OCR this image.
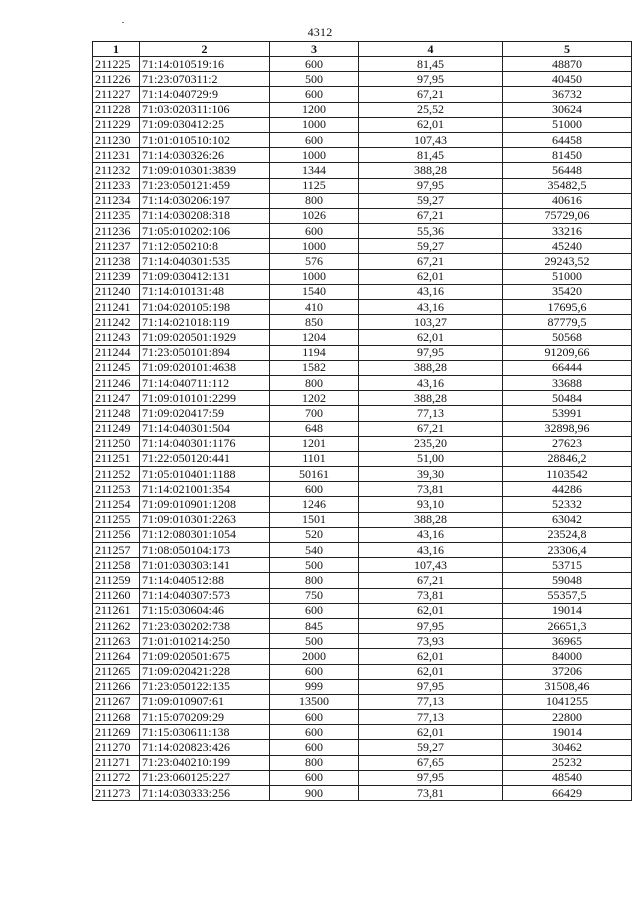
4312
1	2	3	4	5
211225	71:14:010519:16	600	81,45	48870
211226	71:23:070311:2	500	97,95	40450
211227	71:14:040729:9	600	67,21	36732
211228	71:03:020311:106	1200	25,52	30624
211229	71:09:030412:25	1000	62,01	51000
211230	71:01:010510:102	600	107,43	64458
211231	71:14:030326:26	1000	81,45	81450
211232	71:09:010301:3839	1344	388,28	56448
211233	71:23:050121:459	1125	97,95	35482,5
211234	71:14:030206:197	800	59,27	40616
211235	71:14:030208:318	1026	67,21	75729,06
211236	71:05:010202:106	600	55,36	33216
211237	71:12:050210:8	1000	59,27	45240
211238	71:14:040301:535	576	67,21	29243,52
211239	71:09:030412:131	1000	62,01	51000
211240	71:14:010131:48	1540	43,16	35420
211241	71:04:020105:198	410	43,16	17695,6
211242	71:14:021018:119	850	103,27	87779,5
211243	71:09:020501:1929	1204	62,01	50568
211244	71:23:050101:894	1194	97,95	91209,66
211245	71:09:020101:4638	1582	388,28	66444
211246	71:14:040711:112	800	43,16	33688
211247	71:09:010101:2299	1202	388,28	50484
211248	71:09:020417:59	700	77,13	53991
211249	71:14:040301:504	648	67,21	32898,96
211250	71:14:040301:1176	1201	235,20	27623
211251	71:22:050120:441	1101	51,00	28846,2
211252	71:05:010401:1188	50161	39,30	1103542
211253	71:14:021001:354	600	73,81	44286
211254	71:09:010901:1208	1246	93,10	52332
211255	71:09:010301:2263	1501	388,28	63042
211256	71:12:080301:1054	520	43,16	23524,8
211257	71:08:050104:173	540	43,16	23306,4
211258	71:01:030303:141	500	107,43	53715
211259	71:14:040512:88	800	67,21	59048
211260	71:14:040307:573	750	73,81	55357,5
211261	71:15:030604:46	600	62,01	19014
211262	71:23:030202:738	845	97,95	26651,3
211263	71:01:010214:250	500	73,93	36965
211264	71:09:020501:675	2000	62,01	84000
211265	71:09:020421:228	600	62,01	37206
211266	71:23:050122:135	999	97,95	31508,46
211267	71:09:010907:61	13500	77,13	1041255
211268	71:15:070209:29	600	77,13	22800
211269	71:15:030611:138	600	62,01	19014
211270	71:14:020823:426	600	59,27	30462
211271	71:23:040210:199	800	67,65	25232
211272	71:23:060125:227	600	97,95	48540
211273	71:14:030333:256	900	73,81	66429
